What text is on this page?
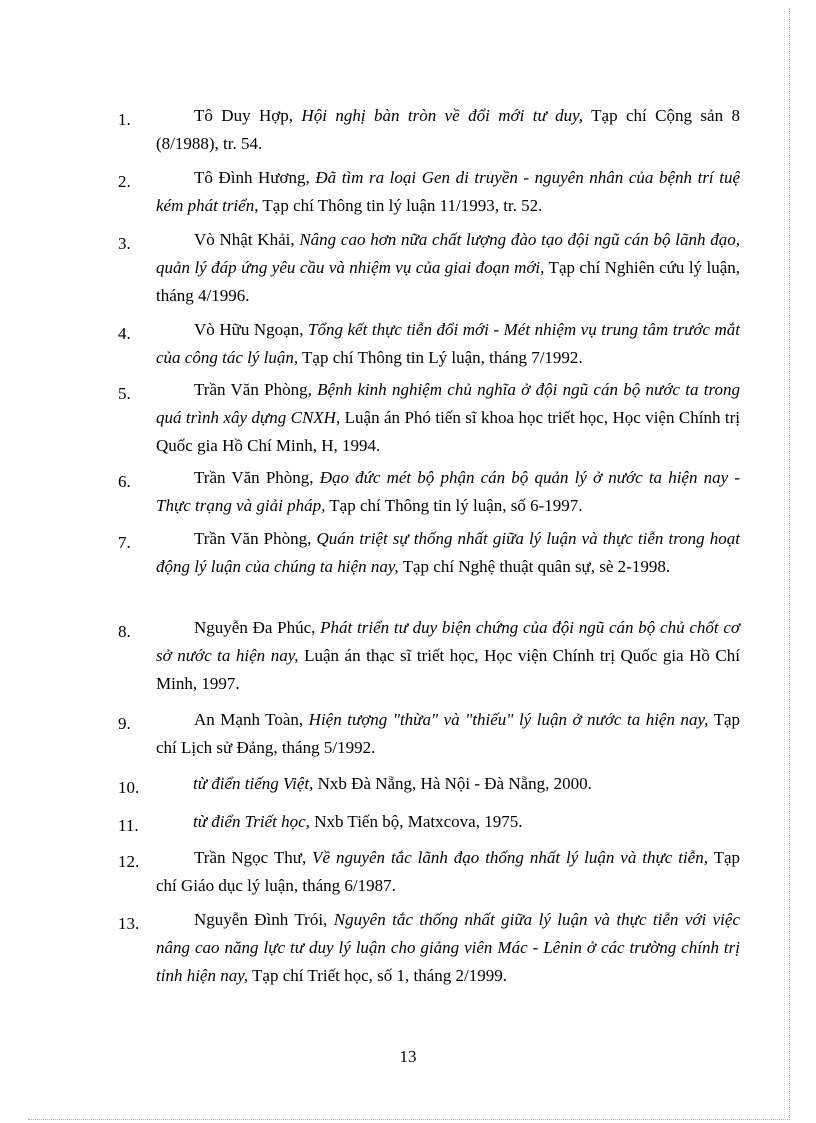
1.	Tô Duy Hợp, Hội nghị bàn tròn về đổi mới tư duy, Tạp chí Cộng sản 8 (8/1988), tr. 54.
2.	Tô Đình Hương, Đã tìm ra loại Gen di truyền - nguyên nhân của bệnh trí tuệ kém phát triển, Tạp chí Thông tin lý luận 11/1993, tr. 52.
3.	Vò Nhật Khải, Nâng cao hơn nữa chất lượng đào tạo đội ngũ cán bộ lãnh đạo, quản lý đáp ứng yêu cầu và nhiệm vụ của giai đoạn mới, Tạp chí Nghiên cứu lý luận, tháng 4/1996.
4.	Vò Hữu Ngoạn, Tổng kết thực tiễn đổi mới - Mét nhiệm vụ trung tâm trước mắt của công tác lý luận, Tạp chí Thông tin Lý luận, tháng 7/1992.
5.	Trần Văn Phòng, Bệnh kinh nghiệm chủ nghĩa ở đội ngũ cán bộ nước ta trong quá trình xây dựng CNXH, Luận án Phó tiến sĩ khoa học triết học, Học viện Chính trị Quốc gia Hồ Chí Minh, H, 1994.
6.	Trần Văn Phòng, Đạo đức mét bộ phận cán bộ quản lý ở nước ta hiện nay - Thực trạng và giải pháp, Tạp chí Thông tin lý luận, số 6-1997.
7.	Trần Văn Phòng, Quán triệt sự thống nhất giữa lý luận và thực tiễn trong hoạt động lý luận của chúng ta hiện nay, Tạp chí Nghệ thuật quân sự, sè 2-1998.
8.	Nguyễn Đa Phúc, Phát triển tư duy biện chứng của đội ngũ cán bộ chủ chốt cơ sở nước ta hiện nay, Luận án thạc sĩ triết học, Học viện Chính trị Quốc gia Hồ Chí Minh, 1997.
9.	An Mạnh Toàn, Hiện tượng "thừa" và "thiếu" lý luận ở nước ta hiện nay, Tạp chí Lịch sử Đảng, tháng 5/1992.
10.	từ điển tiếng Việt, Nxb Đà Nẵng, Hà Nội - Đà Nẵng, 2000.
11.	từ điển Triết học, Nxb Tiến bộ, Matxcova, 1975.
12.	Trần Ngọc Thư, Về nguyên tắc lãnh đạo thống nhất lý luận và thực tiễn, Tạp chí Giáo dục lý luận, tháng 6/1987.
13.	Nguyễn Đình Trói, Nguyên tắc thống nhất giữa lý luận và thực tiễn với việc nâng cao năng lực tư duy lý luận cho giảng viên Mác - Lênin ở các trường chính trị tỉnh hiện nay, Tạp chí Triết học, số 1, tháng 2/1999.
13
